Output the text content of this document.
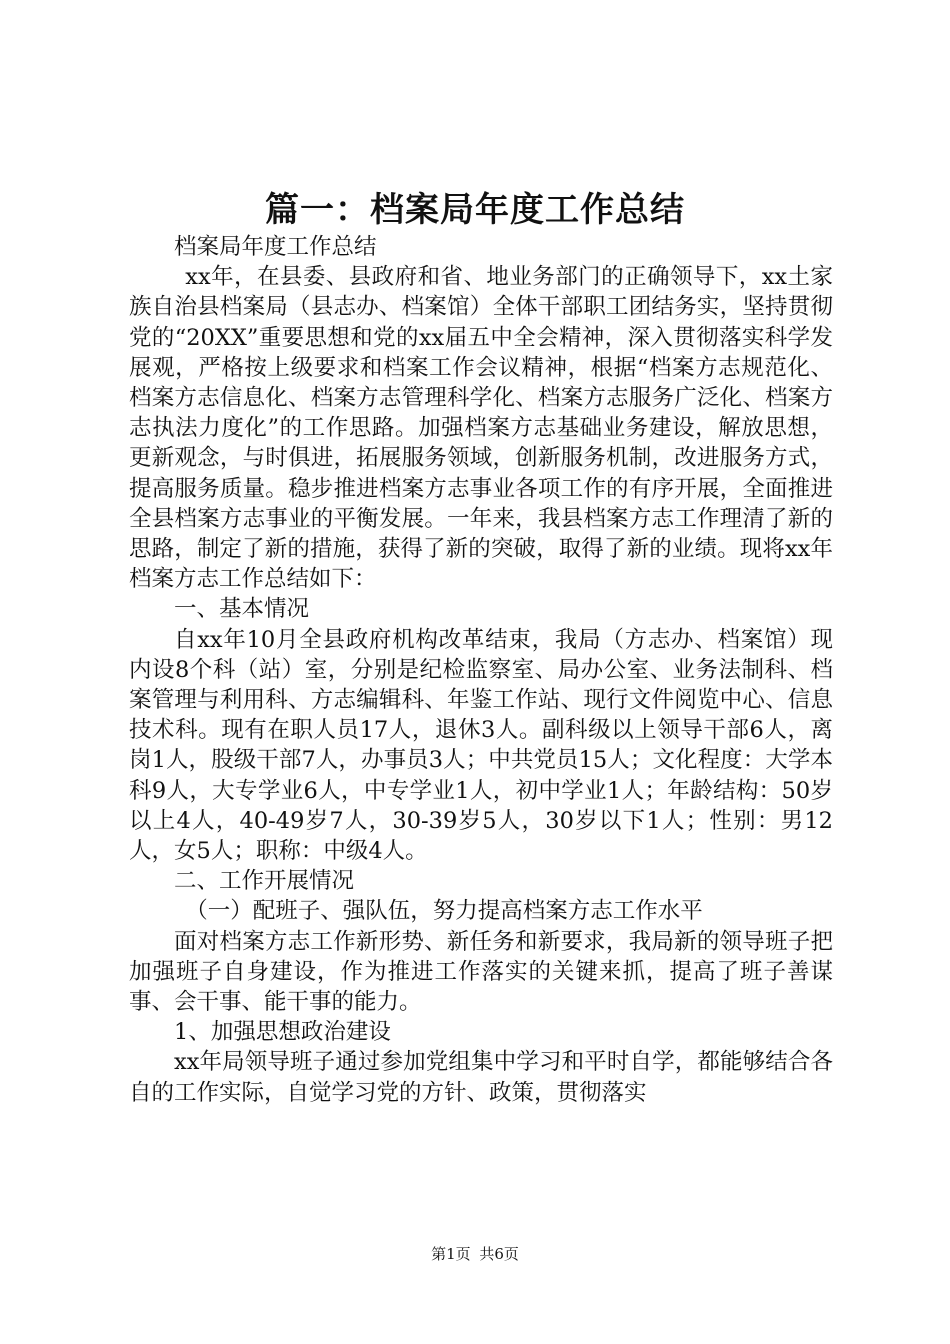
篇一：档案局年度工作总结

档案局年度工作总结

xx年，在县委、县政府和省、地业务部门的正确领导下，xx土家族自治县档案局（县志办、档案馆）全体干部职工团结务实，坚持贯彻党的“20XX”重要思想和党的xx届五中全会精神，深入贯彻落实科学发展观，严格按上级要求和档案工作会议精神，根据“档案方志规范化、档案方志信息化、档案方志管理科学化、档案方志服务广泛化、档案方志执法力度化”的工作思路。加强档案方志基础业务建设，解放思想，更新观念，与时俱进，拓展服务领域，创新服务机制，改进服务方式，提高服务质量。稳步推进档案方志事业各项工作的有序开展，全面推进全县档案方志事业的平衡发展。一年来，我县档案方志工作理清了新的思路，制定了新的措施，获得了新的突破，取得了新的业绩。现将xx年档案方志工作总结如下：

一、基本情况

自xx年10月全县政府机构改革结束，我局（方志办、档案馆）现内设8个科（站）室，分别是纪检监察室、局办公室、业务法制科、档案管理与利用科、方志编辑科、年鉴工作站、现行文件阅览中心、信息技术科。现有在职人员17人，退休3人。副科级以上领导干部6人，离岗1人，股级干部7人，办事员3人；中共党员15人；文化程度：大学本科9人，大专学业6人，中专学业1人，初中学业1人；年龄结构：50岁以上4人，40-49岁7人，30-39岁5人，30岁以下1人；性别：男12人，女5人；职称：中级4人。

二、工作开展情况

（一）配班子、强队伍，努力提高档案方志工作水平

面对档案方志工作新形势、新任务和新要求，我局新的领导班子把加强班子自身建设，作为推进工作落实的关键来抓，提高了班子善谋事、会干事、能干事的能力。

1、加强思想政治建设

xx年局领导班子通过参加党组集中学习和平时自学，都能够结合各自的工作实际，自觉学习党的方针、政策，贯彻落实

第1页 共6页
